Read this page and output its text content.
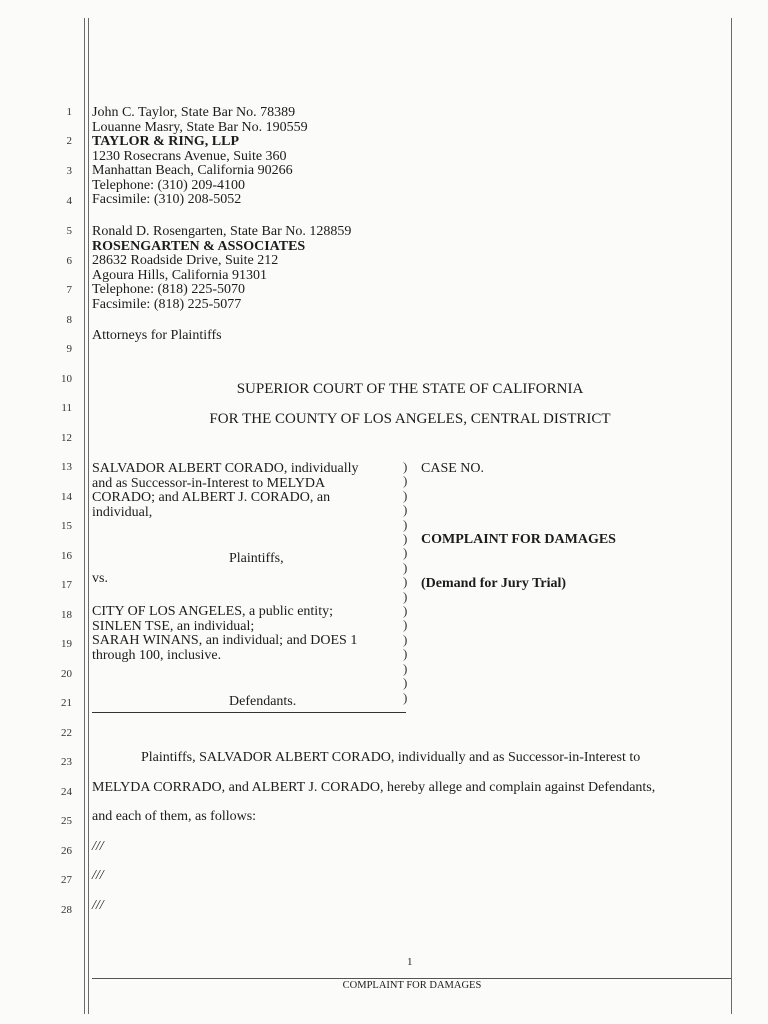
1
2
3
4
5
6
7
8
9
10
11
12
13
14
15
16
17
18
19
20
21
22
23
24
25
26
27
28
John C. Taylor, State Bar No. 78389
Louanne Masry, State Bar No. 190559
TAYLOR & RING, LLP
1230 Rosecrans Avenue, Suite 360
Manhattan Beach, California 90266
Telephone: (310) 209-4100
Facsimile: (310) 208-5052
Ronald D. Rosengarten, State Bar No. 128859
ROSENGARTEN & ASSOCIATES
28632 Roadside Drive, Suite 212
Agoura Hills, California 91301
Telephone: (818) 225-5070
Facsimile: (818) 225-5077
Attorneys for Plaintiffs
SUPERIOR COURT OF THE STATE OF CALIFORNIA
FOR THE COUNTY OF LOS ANGELES, CENTRAL DISTRICT
SALVADOR ALBERT CORADO, individually
and as Successor-in-Interest to MELYDA
CORADO; and ALBERT J. CORADO, an
individual,
Plaintiffs,
vs.
CITY OF LOS ANGELES, a public entity;
SINLEN TSE, an individual;
SARAH WINANS, an individual; and DOES 1
through 100, inclusive.
Defendants.
)
)
)
)
)
)
)
)
)
)
)
)
)
)
)
)
)
CASE NO.
COMPLAINT FOR DAMAGES
(Demand for Jury Trial)
Plaintiffs, SALVADOR ALBERT CORADO, individually and as Successor-in-Interest to
MELYDA CORRADO, and ALBERT J. CORADO, hereby allege and complain against Defendants,
and each of them, as follows:
///
///
///
1
COMPLAINT FOR DAMAGES
